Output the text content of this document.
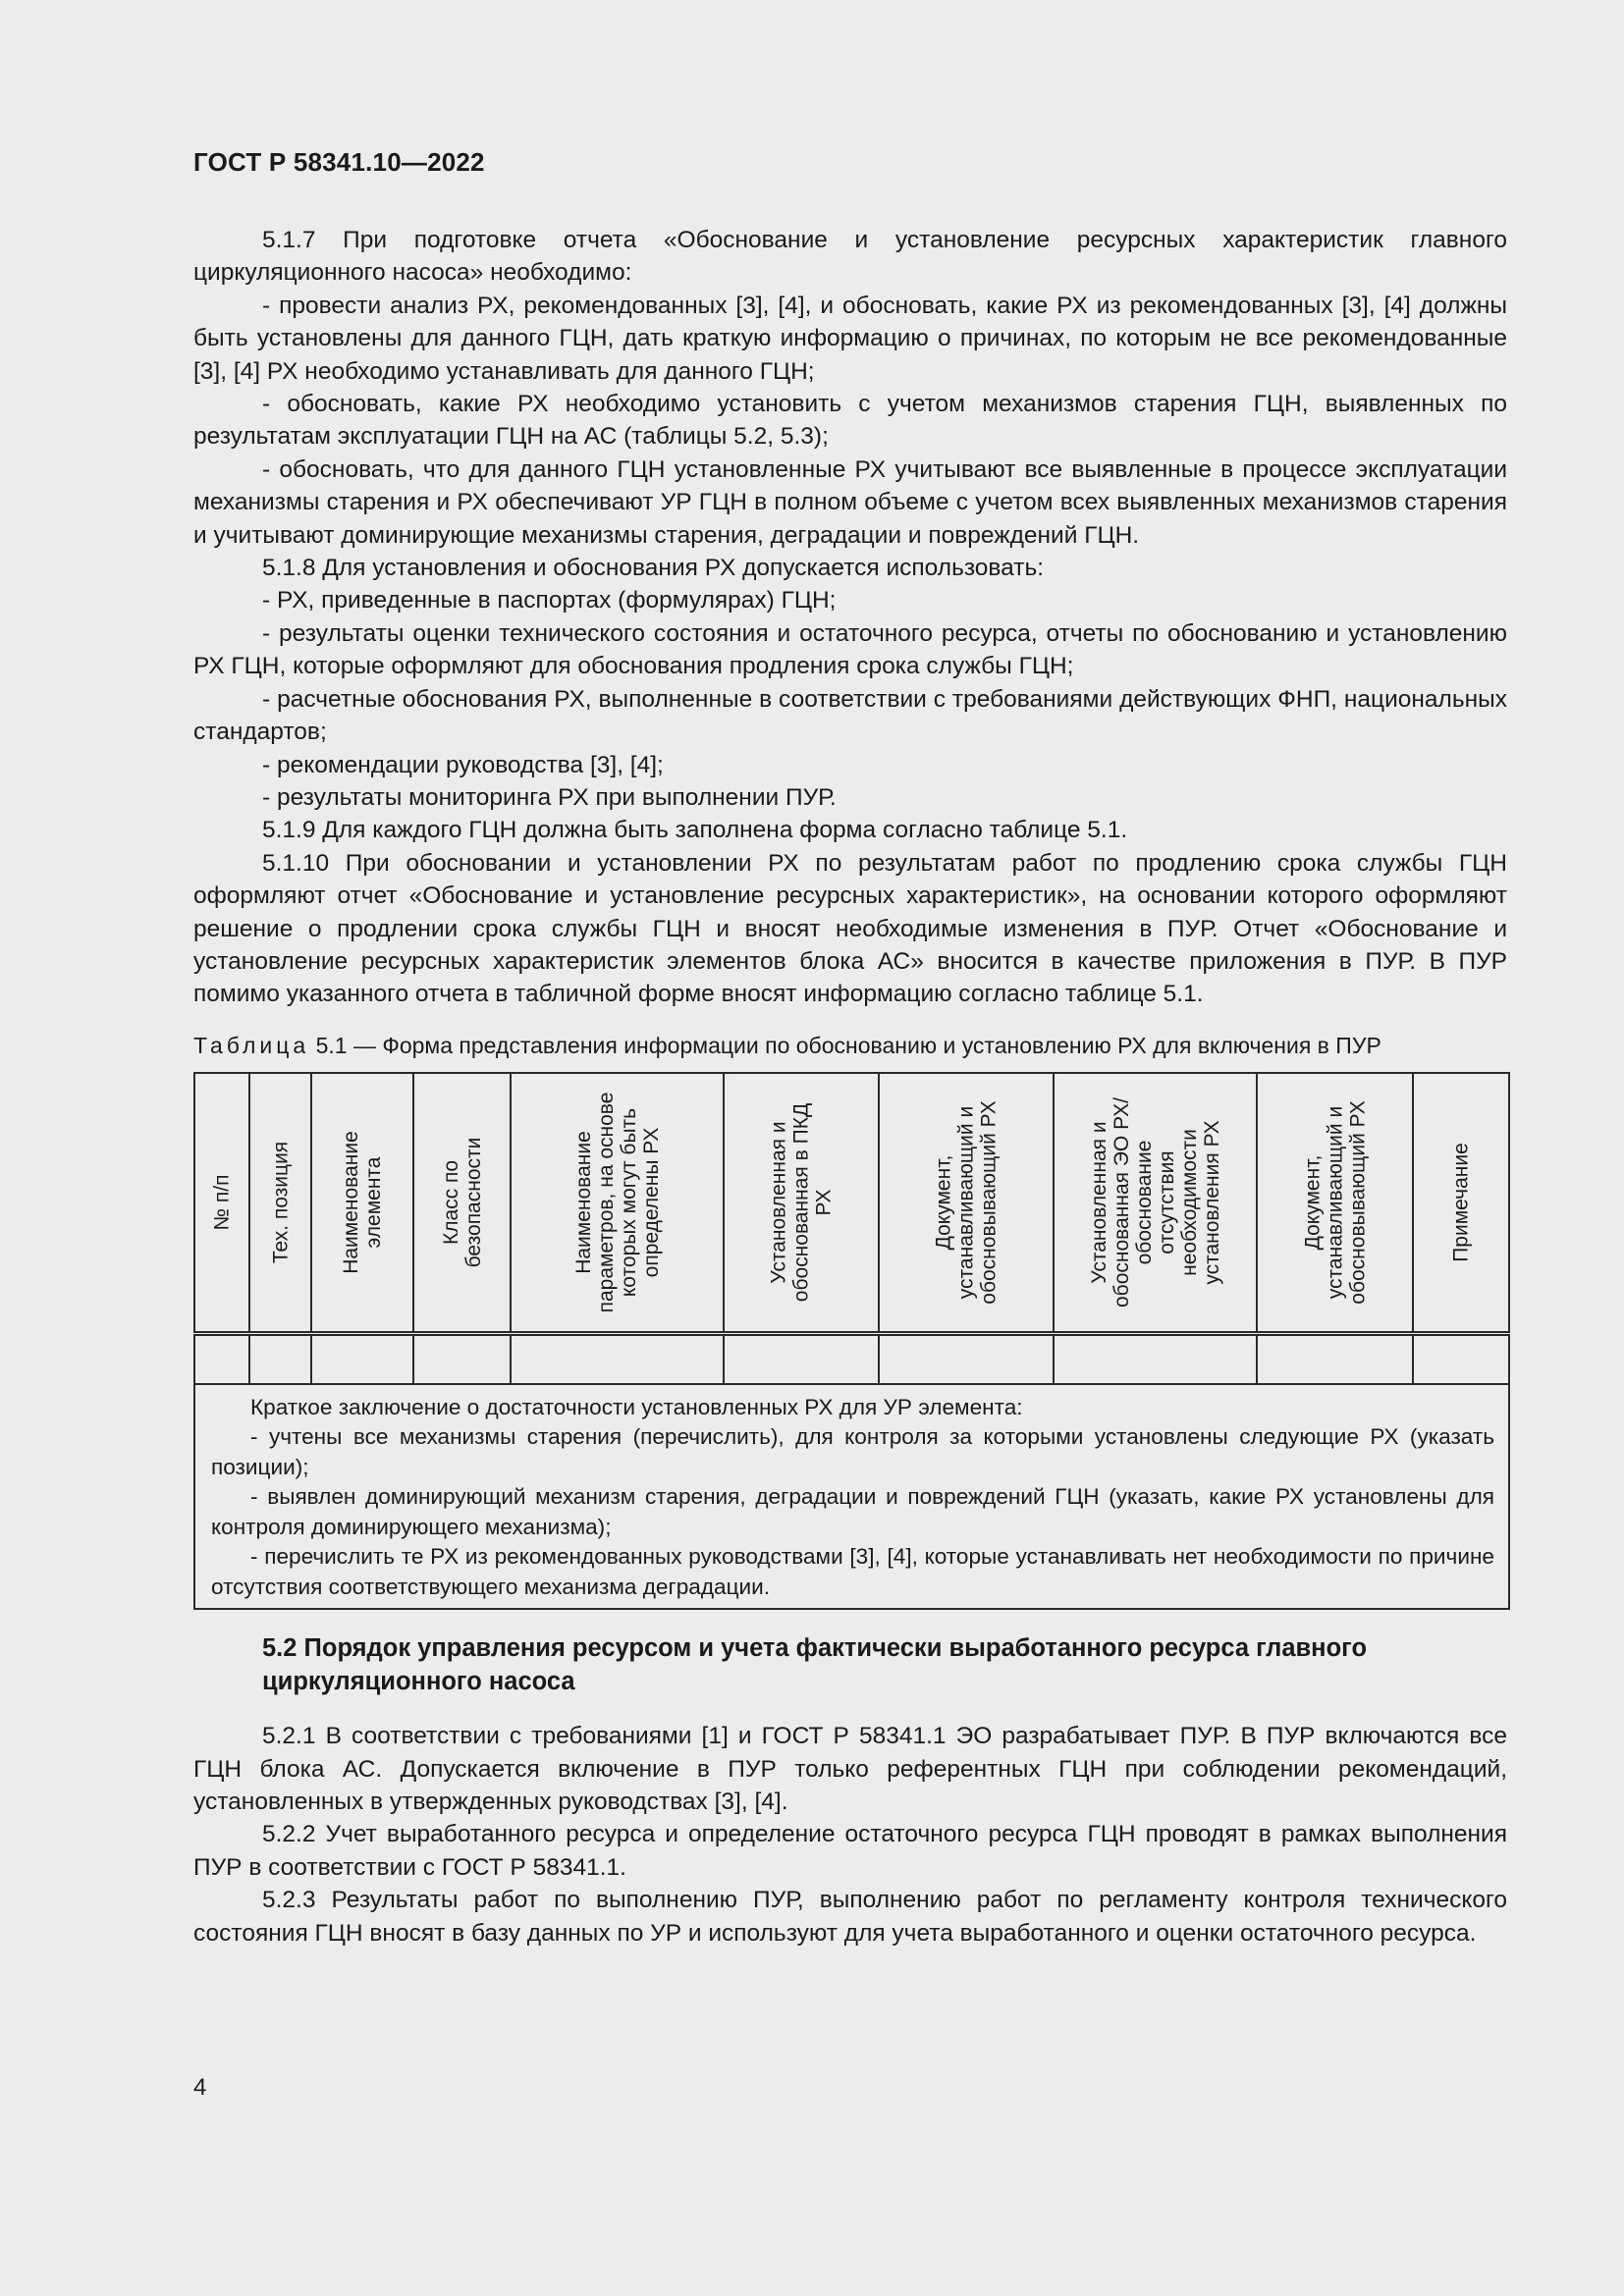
ГОСТ Р 58341.10—2022

5.1.7 При подготовке отчета «Обоснование и установление ресурсных характеристик главного циркуляционного насоса» необходимо:

- провести анализ РХ, рекомендованных [3], [4], и обосновать, какие РХ из рекомендованных [3], [4] должны быть установлены для данного ГЦН, дать краткую информацию о причинах, по которым не все рекомендованные [3], [4] РХ необходимо устанавливать для данного ГЦН;

- обосновать, какие РХ необходимо установить с учетом механизмов старения ГЦН, выявленных по результатам эксплуатации ГЦН на АС (таблицы 5.2, 5.3);

- обосновать, что для данного ГЦН установленные РХ учитывают все выявленные в процессе эксплуатации механизмы старения и РХ обеспечивают УР ГЦН в полном объеме с учетом всех выявленных механизмов старения и учитывают доминирующие механизмы старения, деградации и повреждений ГЦН.

5.1.8 Для установления и обоснования РХ допускается использовать:

- РХ, приведенные в паспортах (формулярах) ГЦН;

- результаты оценки технического состояния и остаточного ресурса, отчеты по обоснованию и установлению РХ ГЦН, которые оформляют для обоснования продления срока службы ГЦН;

- расчетные обоснования РХ, выполненные в соответствии с требованиями действующих ФНП, национальных стандартов;

- рекомендации руководства [3], [4];

- результаты мониторинга РХ при выполнении ПУР.

5.1.9 Для каждого ГЦН должна быть заполнена форма согласно таблице 5.1.

5.1.10 При обосновании и установлении РХ по результатам работ по продлению срока службы ГЦН оформляют отчет «Обоснование и установление ресурсных характеристик», на основании которого оформляют решение о продлении срока службы ГЦН и вносят необходимые изменения в ПУР. Отчет «Обоснование и установление ресурсных характеристик элементов блока АС» вносится в качестве приложения в ПУР. В ПУР помимо указанного отчета в табличной форме вносят информацию согласно таблице 5.1.

Таблица 5.1 — Форма представления информации по обоснованию и установлению РХ для включения в ПУР
№ п/п	Тех. позиция	Наименование элемента	Класс по безопасности	Наименование параметров, на основе которых могут быть определены РХ	Установленная и обоснованная в ПКД РХ	Документ, устанавливающий и обосновывающий РХ	Установленная и обоснованная ЭО РХ/ обоснование отсутствия необходимости установления РХ	Документ, устанавливающий и обосновывающий РХ	Примечание

Краткое заключение о достаточности установленных РХ для УР элемента:

- учтены все механизмы старения (перечислить), для контроля за которыми установлены следующие РХ (указать позиции);

- выявлен доминирующий механизм старения, деградации и повреждений ГЦН (указать, какие РХ установлены для контроля доминирующего механизма);

- перечислить те РХ из рекомендованных руководствами [3], [4], которые устанавливать нет необходимости по причине отсутствия соответствующего механизма деградации.									

5.2 Порядок управления ресурсом и учета фактически выработанного ресурса главного циркуляционного насоса

5.2.1 В соответствии с требованиями [1] и ГОСТ Р 58341.1 ЭО разрабатывает ПУР. В ПУР включаются все ГЦН блока АС. Допускается включение в ПУР только референтных ГЦН при соблюдении рекомендаций, установленных в утвержденных руководствах [3], [4].

5.2.2 Учет выработанного ресурса и определение остаточного ресурса ГЦН проводят в рамках выполнения ПУР в соответствии с ГОСТ Р 58341.1.

5.2.3 Результаты работ по выполнению ПУР, выполнению работ по регламенту контроля технического состояния ГЦН вносят в базу данных по УР и используют для учета выработанного и оценки остаточного ресурса.

4
